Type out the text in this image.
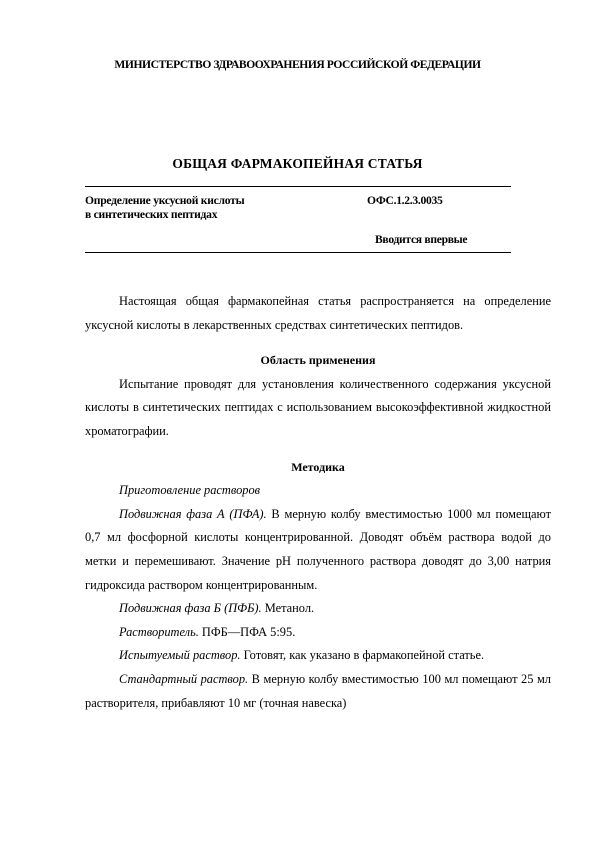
МИНИСТЕРСТВО ЗДРАВООХРАНЕНИЯ РОССИЙСКОЙ ФЕДЕРАЦИИ
ОБЩАЯ ФАРМАКОПЕЙНАЯ СТАТЬЯ
Определение уксусной кислоты
в синтетических пептидах
ОФС.1.2.3.0035
Вводится впервые

Настоящая общая фармакопейная статья распространяется на определение уксусной кислоты в лекарственных средствах синтетических пептидов.

Область применения

Испытание проводят для установления количественного содержания уксусной кислоты в синтетических пептидах с использованием высокоэффективной жидкостной хроматографии.

Методика

Приготовление растворов

Подвижная фаза А (ПФА). В мерную колбу вместимостью 1000 мл помещают 0,7 мл фосфорной кислоты концентрированной. Доводят объём раствора водой до метки и перемешивают. Значение pH полученного раствора доводят до 3,00 натрия гидроксида раствором концентрированным.

Подвижная фаза Б (ПФБ). Метанол.

Растворитель. ПФБ—ПФА 5:95.

Испытуемый раствор. Готовят, как указано в фармакопейной статье.

Стандартный раствор. В мерную колбу вместимостью 100 мл помещают 25 мл растворителя, прибавляют 10 мг (точная навеска)
